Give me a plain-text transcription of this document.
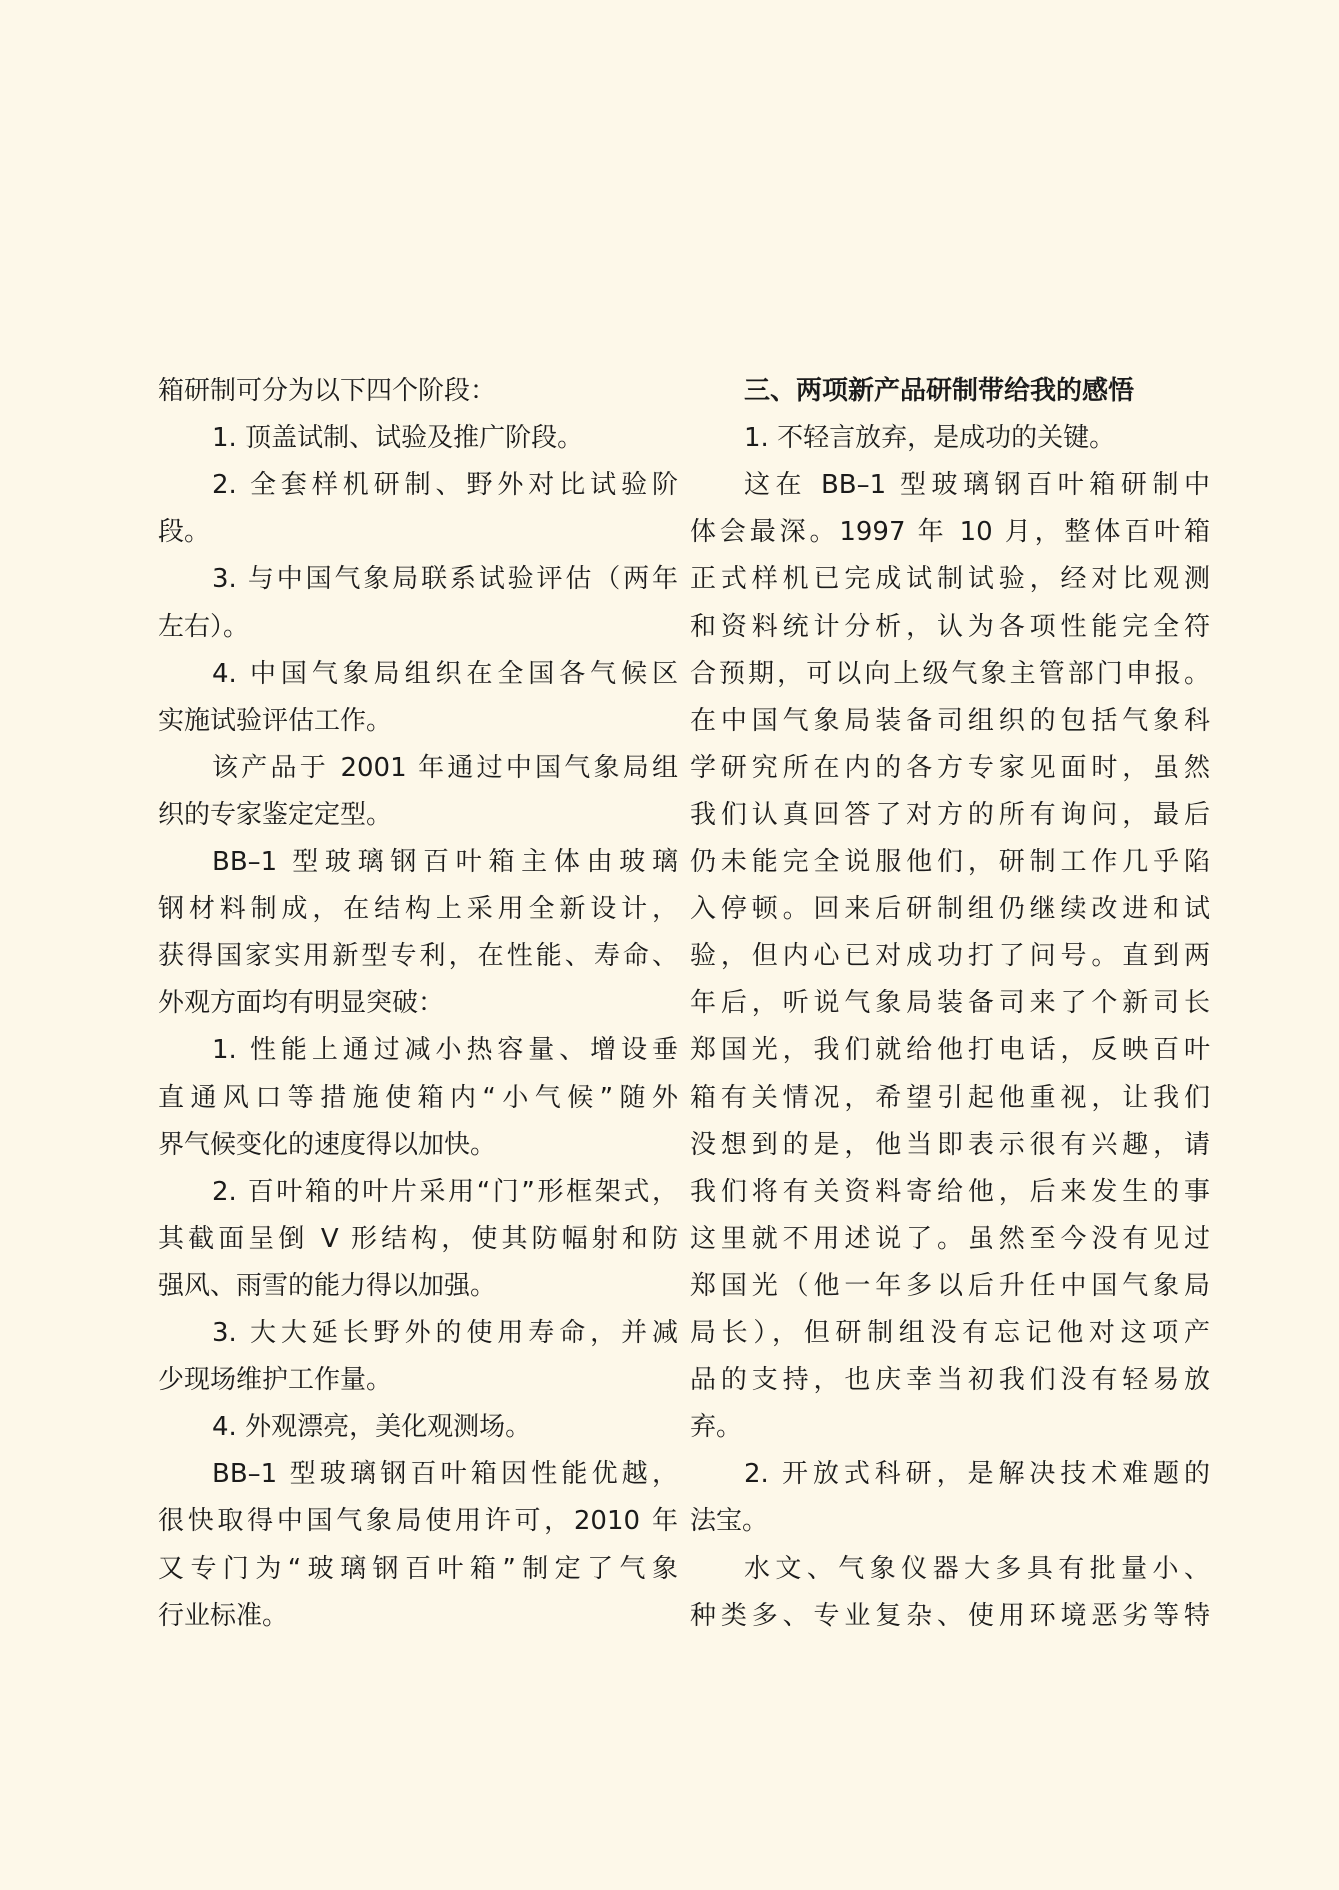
箱研制可分为以下四个阶段：
1. 顶盖试制、试验及推广阶段。
2. 全套样机研制、野外对比试验阶
段。
3. 与中国气象局联系试验评估（两年
左右）。
4. 中国气象局组织在全国各气候区
实施试验评估工作。
该产品于 2001 年通过中国气象局组
织的专家鉴定定型。
BB–1 型玻璃钢百叶箱主体由玻璃
钢材料制成，在结构上采用全新设计，
获得国家实用新型专利，在性能、寿命、
外观方面均有明显突破：
1. 性能上通过减小热容量、增设垂
直通风口等措施使箱内“小气候”随外
界气候变化的速度得以加快。
2. 百叶箱的叶片采用“门”形框架式，
其截面呈倒 V 形结构，使其防幅射和防
强风、雨雪的能力得以加强。
3. 大大延长野外的使用寿命，并减
少现场维护工作量。
4. 外观漂亮，美化观测场。
BB–1 型玻璃钢百叶箱因性能优越，
很快取得中国气象局使用许可，2010 年
又专门为“玻璃钢百叶箱”制定了气象
行业标准。
三、两项新产品研制带给我的感悟
1. 不轻言放弃，是成功的关键。
这在 BB–1 型玻璃钢百叶箱研制中
体会最深。1997 年 10 月，整体百叶箱
正式样机已完成试制试验，经对比观测
和资料统计分析，认为各项性能完全符
合预期，可以向上级气象主管部门申报。
在中国气象局装备司组织的包括气象科
学研究所在内的各方专家见面时，虽然
我们认真回答了对方的所有询问，最后
仍未能完全说服他们，研制工作几乎陷
入停顿。回来后研制组仍继续改进和试
验，但内心已对成功打了问号。直到两
年后，听说气象局装备司来了个新司长
郑国光，我们就给他打电话，反映百叶
箱有关情况，希望引起他重视，让我们
没想到的是，他当即表示很有兴趣，请
我们将有关资料寄给他，后来发生的事
这里就不用述说了。虽然至今没有见过
郑国光（他一年多以后升任中国气象局
局长），但研制组没有忘记他对这项产
品的支持，也庆幸当初我们没有轻易放
弃。
2. 开放式科研，是解决技术难题的
法宝。
水文、气象仪器大多具有批量小、
种类多、专业复杂、使用环境恶劣等特
